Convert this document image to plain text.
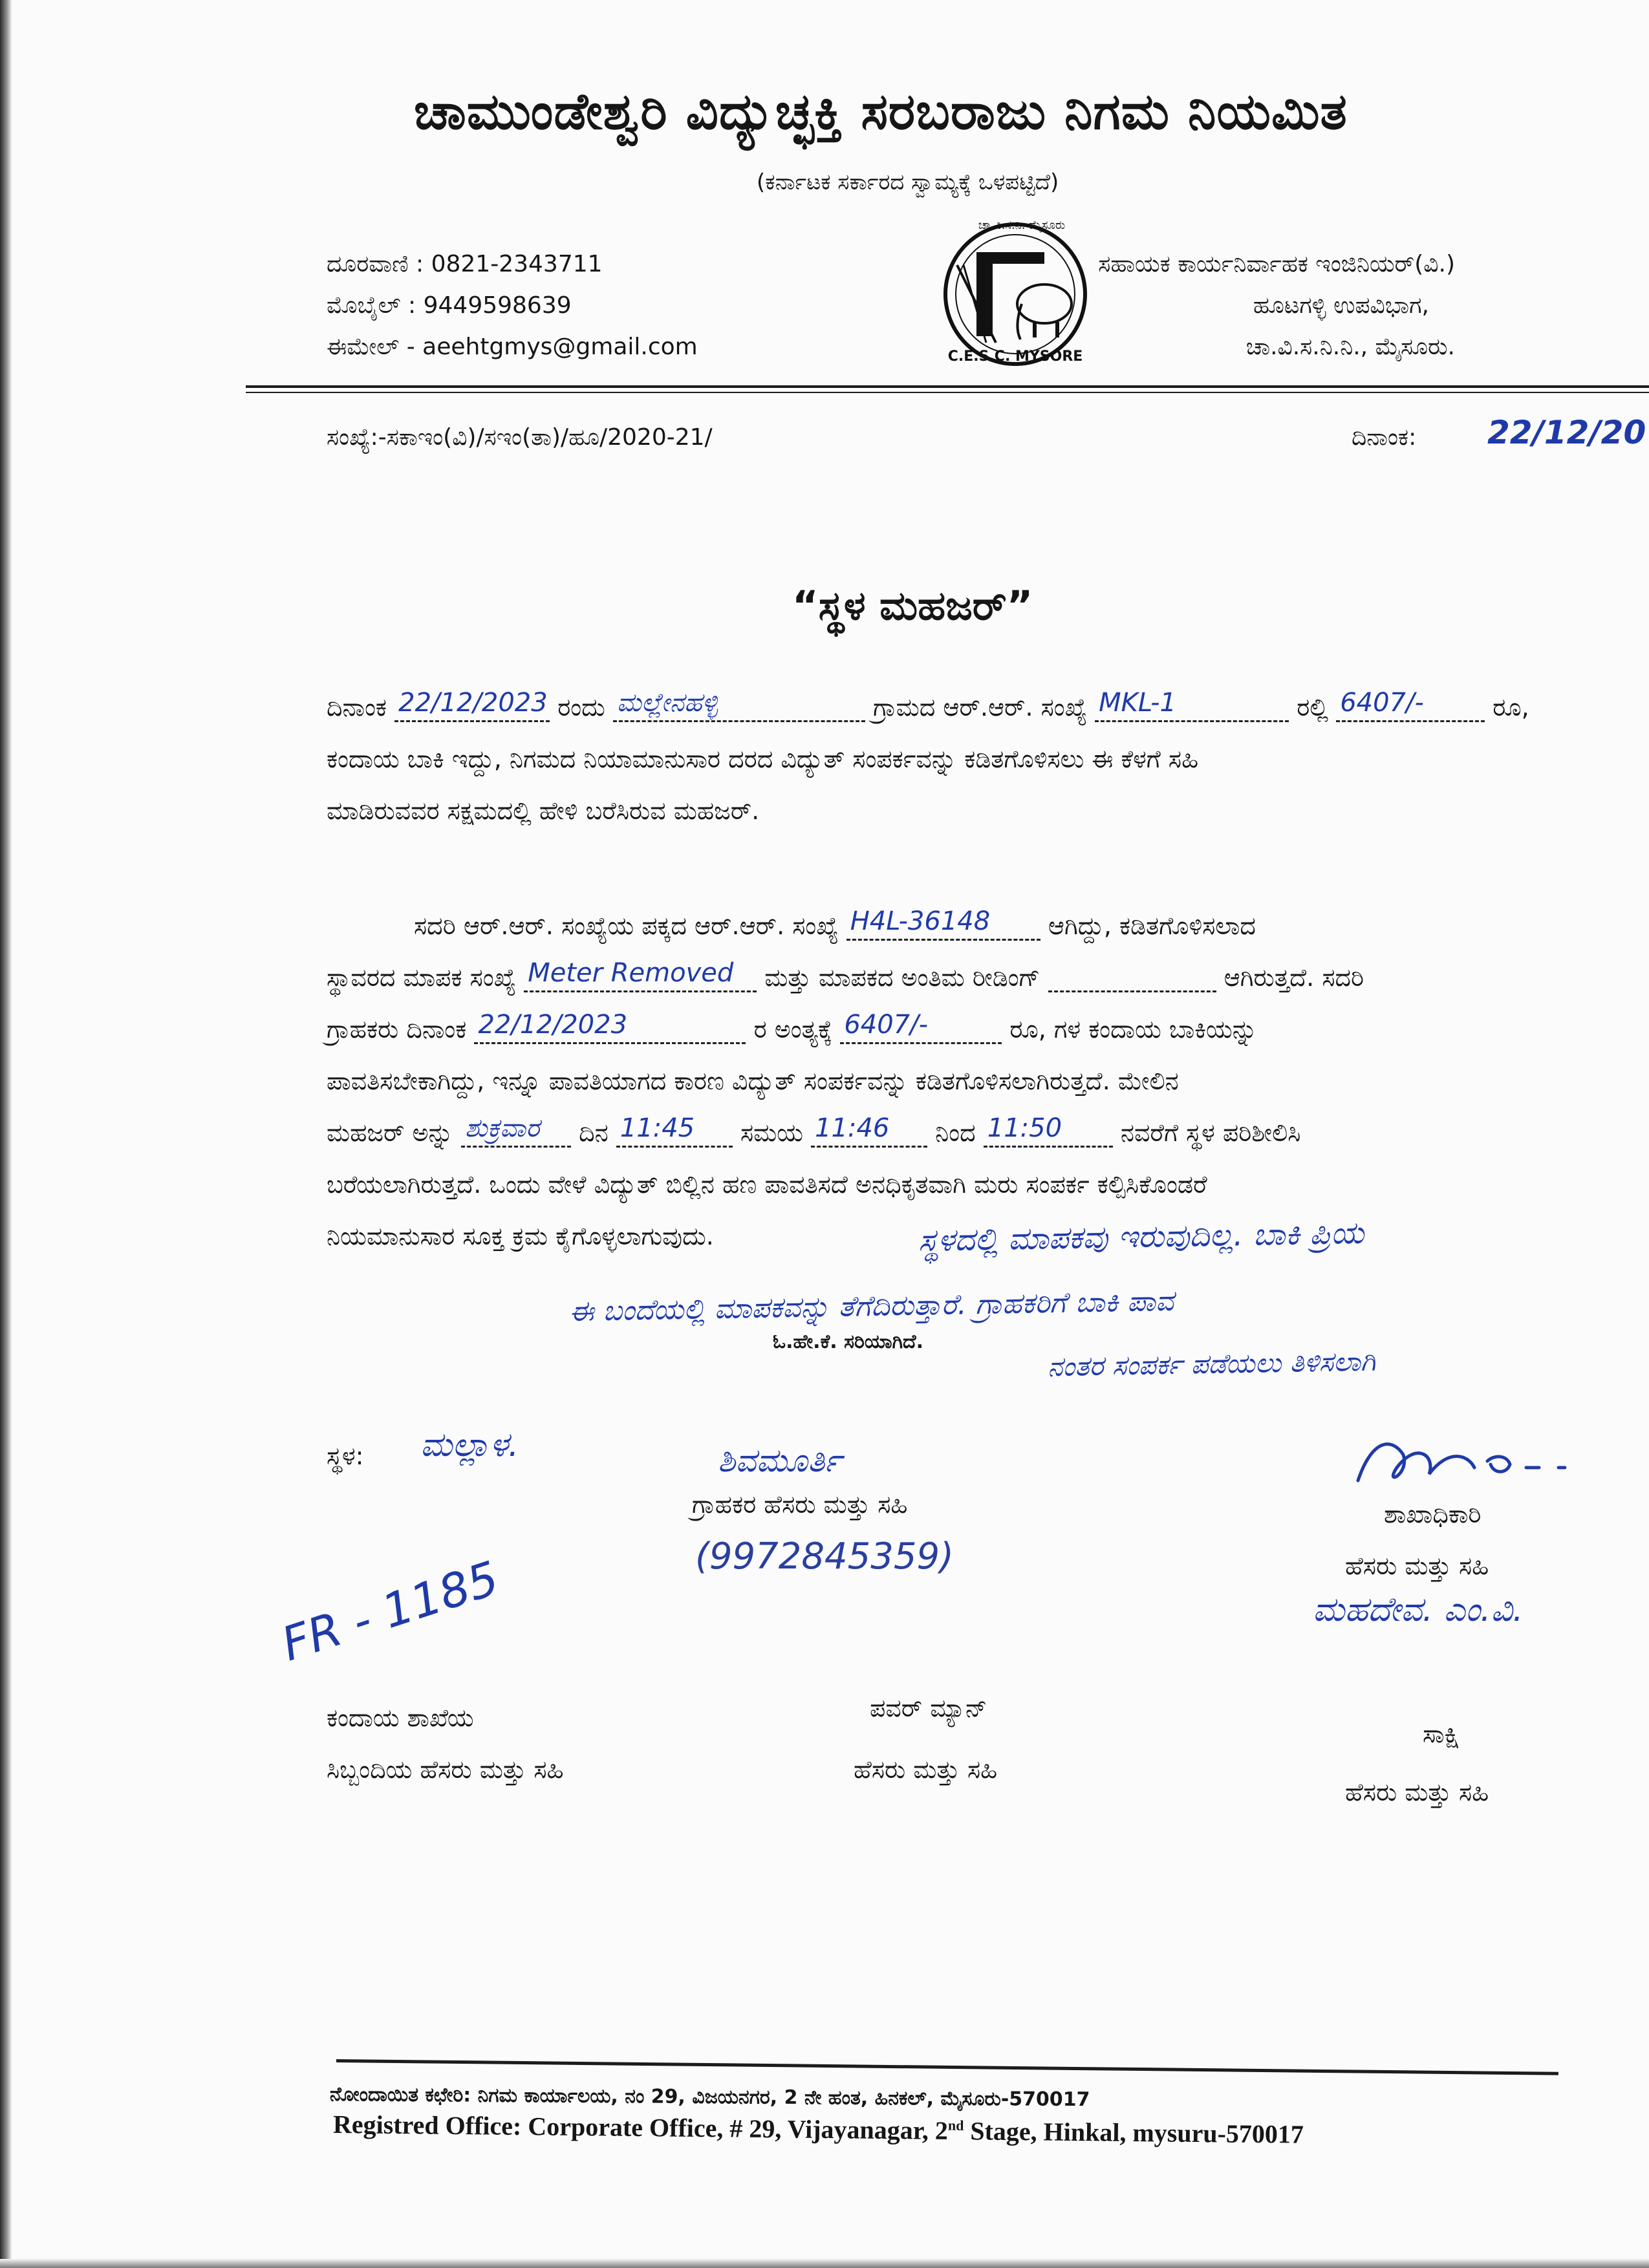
ಚಾಮುಂಡೇಶ್ವರಿ ವಿದ್ಯುಚ್ಛಕ್ತಿ ಸರಬರಾಜು ನಿಗಮ ನಿಯಮಿತ

(ಕರ್ನಾಟಕ ಸರ್ಕಾರದ ಸ್ವಾಮ್ಯಕ್ಕೆ ಒಳಪಟ್ಟಿದೆ)

ದೂರವಾಣಿ : 0821-2343711

ಮೊಬೈಲ್ : 9449598639

ಈಮೇಲ್ - aeehtgmys@gmail.com	C.E.S.C. MYSORE
ಚಾ.ವಿ.ಸ.ನಿ. ಮೈಸೂರು

ಸಹಾಯಕ ಕಾರ್ಯನಿರ್ವಾಹಕ ಇಂಜಿನಿಯರ್(ವಿ.)

ಹೂಟಗಳ್ಳಿ ಉಪವಿಭಾಗ,

ಚಾ.ವಿ.ಸ.ನಿ.ನಿ., ಮೈಸೂರು.

ಸಂಖ್ಯೆ:-ಸಕಾಇಂ(ವಿ)/ಸಇಂ(ತಾ)/ಹೂ/2020-21/	ದಿನಾಂಕ: 22/12/20

“ಸ್ಥಳ ಮಹಜರ್”

ದಿನಾಂಕ 22/12/2023 ರಂದು ಮಲ್ಲೇನಹಳ್ಳಿ	ಗ್ರಾಮದ ಆರ್.ಆರ್. ಸಂಖ್ಯೆ MKL-1	ರಲ್ಲಿ 6407/-	ರೂ,

ಕಂದಾಯ ಬಾಕಿ ಇದ್ದು, ನಿಗಮದ ನಿಯಾಮಾನುಸಾರ ದರದ ವಿದ್ಯುತ್ ಸಂಪರ್ಕವನ್ನು ಕಡಿತಗೊಳಿಸಲು ಈ ಕೆಳಗೆ ಸಹಿ

ಮಾಡಿರುವವರ ಸಕ್ಷಮದಲ್ಲಿ ಹೇಳಿ ಬರೆಸಿರುವ ಮಹಜರ್.

ಸದರಿ ಆರ್.ಆರ್. ಸಂಖ್ಯೆಯ ಪಕ್ಕದ ಆರ್.ಆರ್. ಸಂಖ್ಯೆ H4L-36148 ಆಗಿದ್ದು, ಕಡಿತಗೊಳಿಸಲಾದ

ಸ್ಥಾವರದ ಮಾಪಕ ಸಂಖ್ಯೆ Meter Removed ಮತ್ತು ಮಾಪಕದ ಅಂತಿಮ ರೀಡಿಂಗ್	ಆಗಿರುತ್ತದೆ. ಸದರಿ

ಗ್ರಾಹಕರು ದಿನಾಂಕ 22/12/2023	ರ ಅಂತ್ಯಕ್ಕೆ 6407/-	ರೂ, ಗಳ ಕಂದಾಯ ಬಾಕಿಯನ್ನು

ಪಾವತಿಸಬೇಕಾಗಿದ್ದು, ಇನ್ನೂ ಪಾವತಿಯಾಗದ ಕಾರಣ ವಿದ್ಯುತ್ ಸಂಪರ್ಕವನ್ನು ಕಡಿತಗೊಳಿಸಲಾಗಿರುತ್ತದೆ. ಮೇಲಿನ

ಮಹಜರ್ ಅನ್ನು ಶುಕ್ರವಾರ ದಿನ 11:45 ಸಮಯ 11:46 ನಿಂದ 11:50 ನವರೆಗೆ ಸ್ಥಳ ಪರಿಶೀಲಿಸಿ

ಬರೆಯಲಾಗಿರುತ್ತದೆ. ಒಂದು ವೇಳೆ ವಿದ್ಯುತ್ ಬಿಲ್ಲಿನ ಹಣ ಪಾವತಿಸದೆ ಅನಧಿಕೃತವಾಗಿ ಮರು ಸಂಪರ್ಕ ಕಲ್ಪಿಸಿಕೊಂಡರೆ

ನಿಯಮಾನುಸಾರ ಸೂಕ್ತ ಕ್ರಮ ಕೈಗೊಳ್ಳಲಾಗುವುದು.	ಸ್ಥಳದಲ್ಲಿ ಮಾಪಕವು ಇರುವುದಿಲ್ಲ. ಬಾಕಿ ಪ್ರಿಯ

ಈ ಬಂದೆಯಲ್ಲಿ ಮಾಪಕವನ್ನು ತೆಗೆದಿರುತ್ತಾರೆ. ಗ್ರಾಹಕರಿಗೆ ಬಾಕಿ ಪಾವ

ನಂತರ ಸಂಪರ್ಕ ಪಡೆಯಲು ತಿಳಿಸಲಾಗಿ

ಓ.ಹೇ.ಕೆ. ಸರಿಯಾಗಿದೆ.

ಸ್ಥಳ: ಮಲ್ಲಾಳ.	ಶಿವಮೂರ್ತಿ

ಗ್ರಾಹಕರ ಹೆಸರು ಮತ್ತು ಸಹಿ

(9972845359)

FR - 1185

ಶಾಖಾಧಿಕಾರಿ

ಹೆಸರು ಮತ್ತು ಸಹಿ

ಮಹದೇವ. ಎಂ.ವಿ.

ಕಂದಾಯ ಶಾಖೆಯ

ಸಿಬ್ಬಂದಿಯ ಹೆಸರು ಮತ್ತು ಸಹಿ

ಪವರ್ ಮ್ಯಾನ್

ಹೆಸರು ಮತ್ತು ಸಹಿ

ಸಾಕ್ಷಿ

ಹೆಸರು ಮತ್ತು ಸಹಿ

ನೋಂದಾಯಿತ ಕಛೇರಿ: ನಿಗಮ ಕಾರ್ಯಾಲಯ, ನಂ 29, ವಿಜಯನಗರ, 2 ನೇ ಹಂತ, ಹಿನಕಲ್, ಮೈಸೂರು-570017

Registred Office: Corporate Office, # 29, Vijayanagar, 2nd Stage, Hinkal, mysuru-570017
